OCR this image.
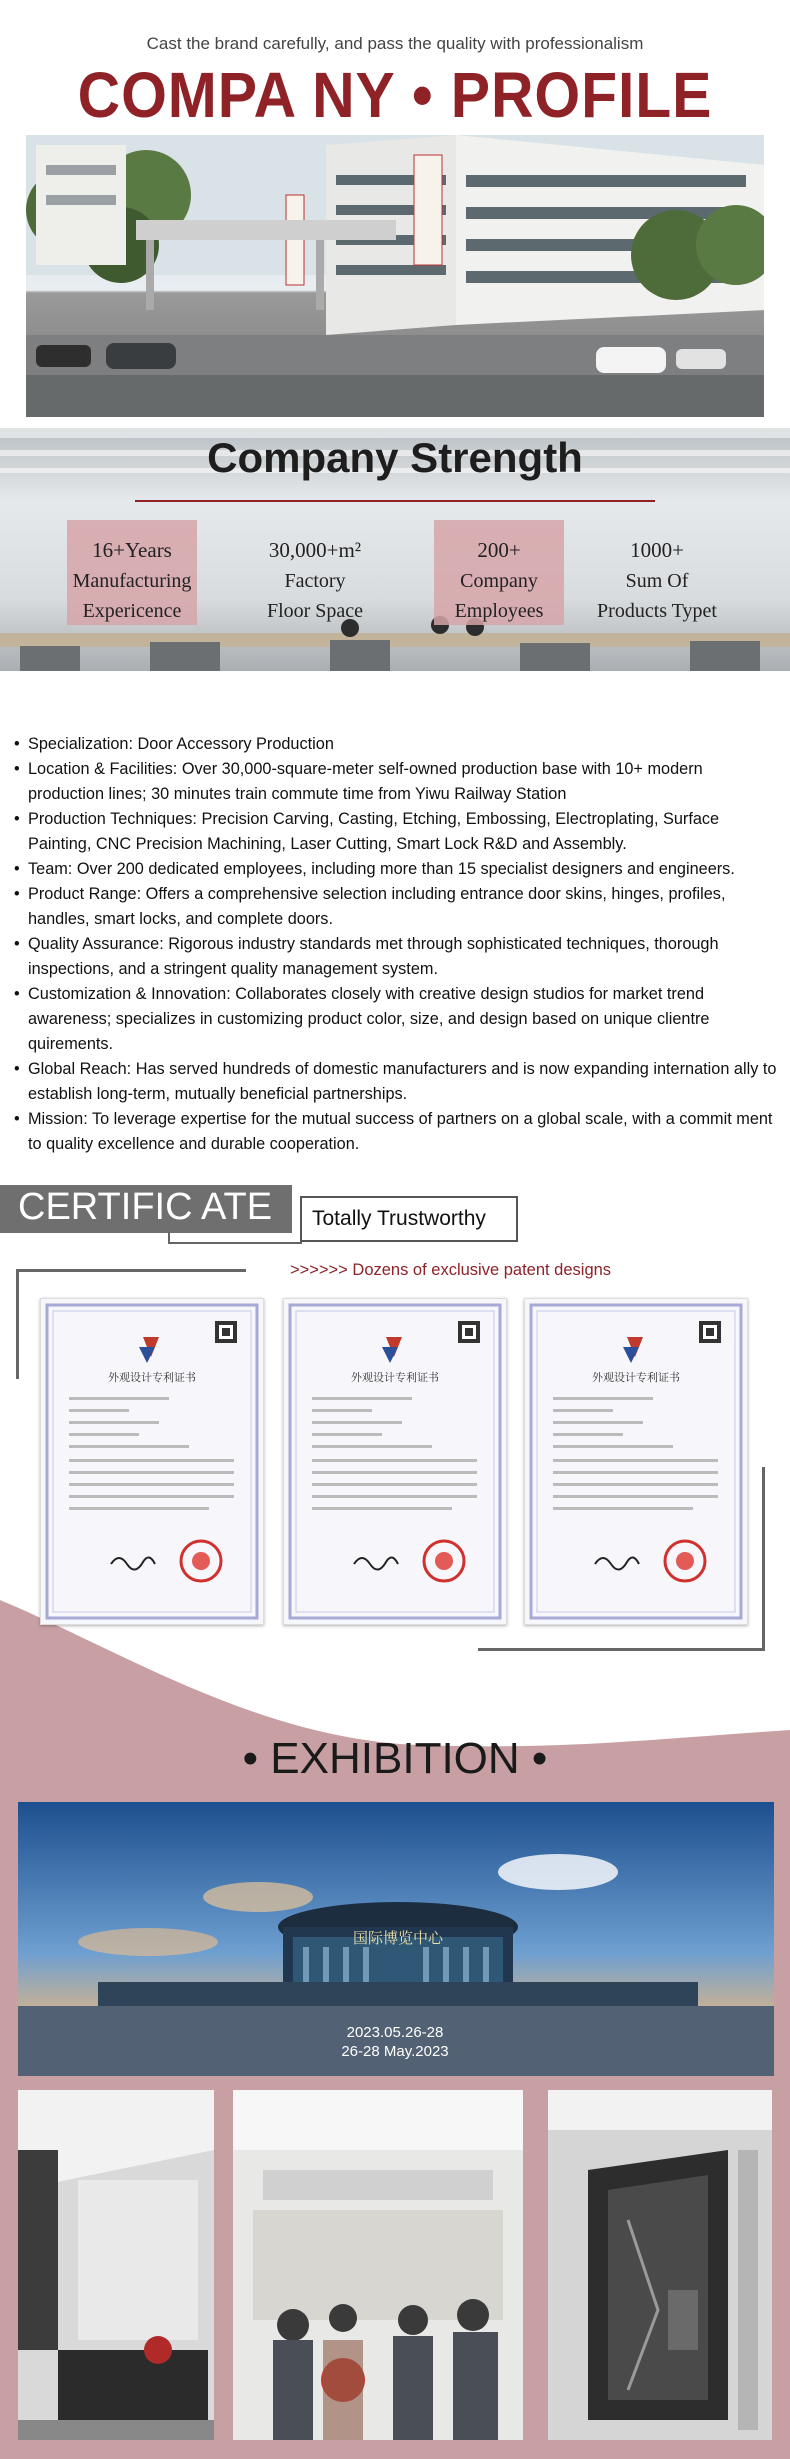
Cast the brand carefully, and pass the quality with professionalism
COMPA NY • PROFILE
Company Strength
16+Years
Manufacturing
Expericence
30,000+m²
Factory
Floor Space
200+
Company
Employees
1000+
Sum Of
Products Typet
• Specialization: Door Accessory Production
• Location & Facilities: Over 30,000-square-meter self-owned production base with 10+ modern production lines; 30 minutes train commute time from Yiwu Railway Station
• Production Techniques: Precision Carving, Casting, Etching, Embossing, Electroplating, Surface Painting, CNC Precision Machining, Laser Cutting, Smart Lock R&D and Assembly.
• Team: Over 200 dedicated employees, including more than 15 specialist designers and engineers.
• Product Range: Offers a comprehensive selection including entrance door skins, hinges, profiles, handles, smart locks, and complete doors.
• Quality Assurance: Rigorous industry standards met through sophisticated techniques, thorough inspections, and a stringent quality management system.
• Customization & Innovation: Collaborates closely with creative design studios for market trend awareness; specializes in customizing product color, size, and design based on unique clientre quirements.
• Global Reach: Has served hundreds of domestic manufacturers and is now expanding internation ally to establish long-term, mutually beneficial partnerships.
• Mission: To leverage expertise for the mutual success of partners on a global scale, with a commit ment to quality excellence and durable cooperation.
CERTIFIC ATE Totally Trustworthy
>>>>>> Dozens of exclusive patent designs
外观设计专利证书	外观设计专利证书	外观设计专利证书
• EXHIBITION •
国际博览中心
2023.05.26-28
26-28 May.2023
